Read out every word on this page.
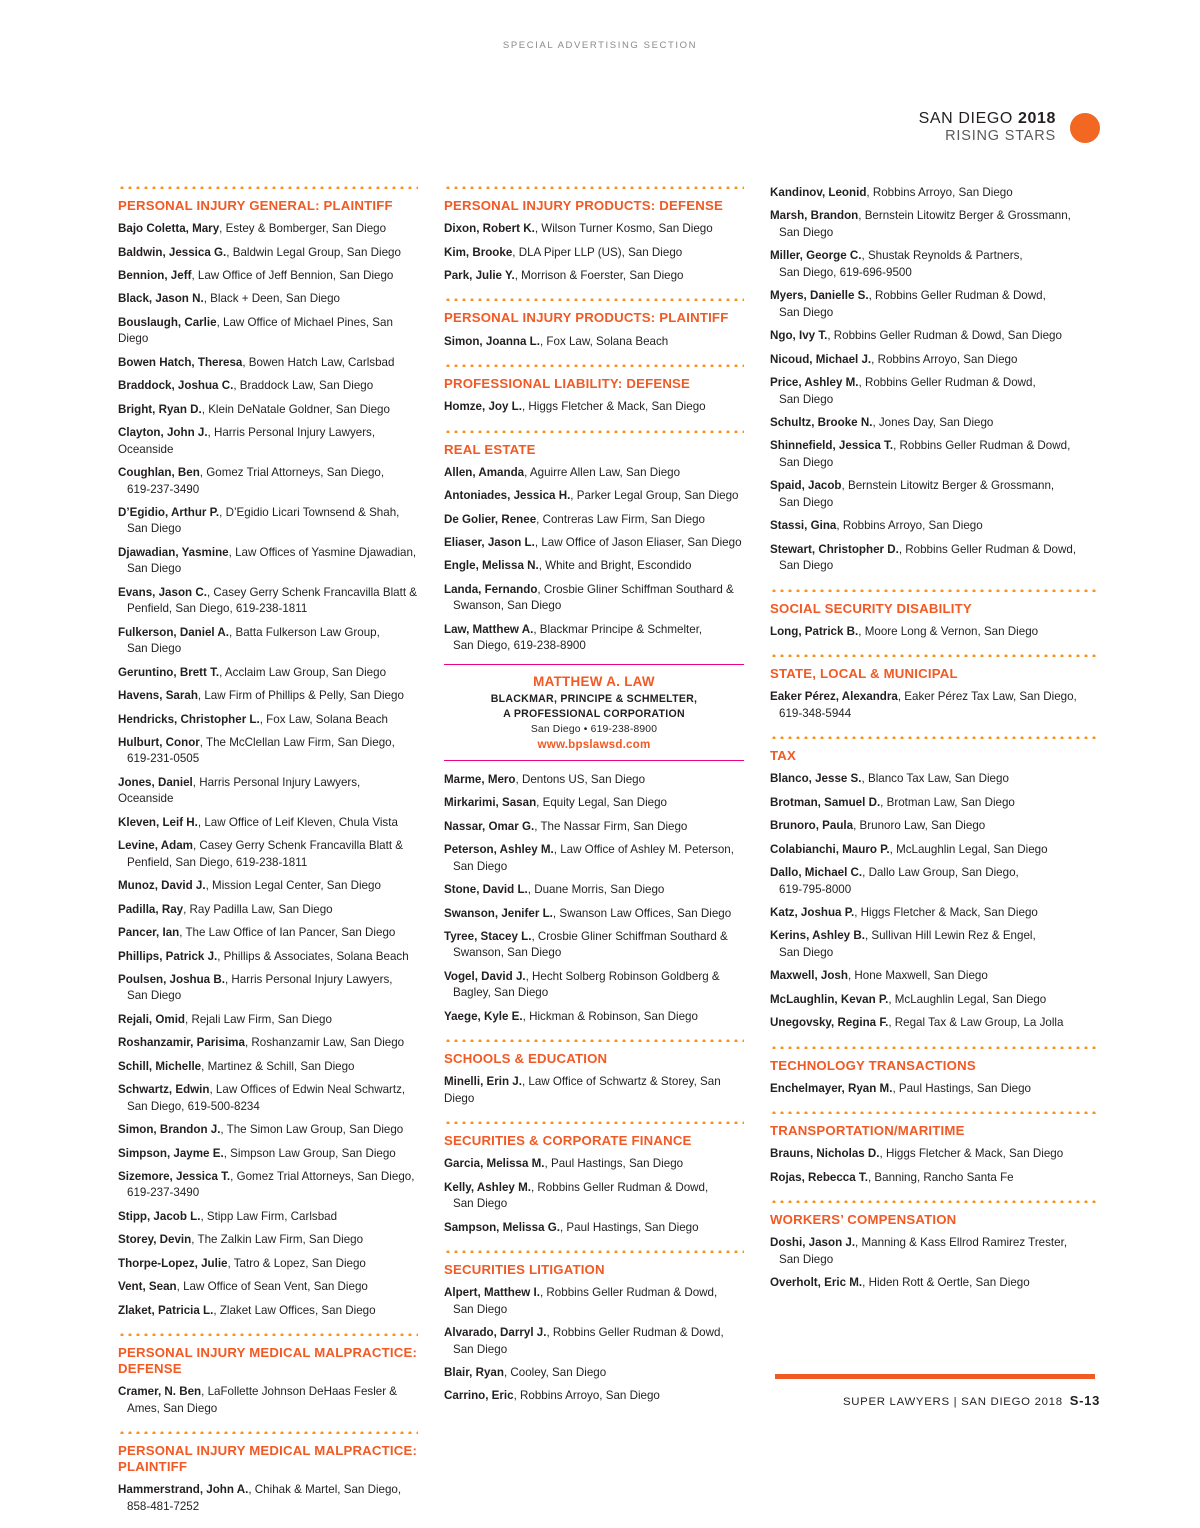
SPECIAL ADVERTISING SECTION
SAN DIEGO 2018
RISING STARS
PERSONAL INJURY GENERAL: PLAINTIFF
Bajo Coletta, Mary, Estey & Bomberger, San Diego
Baldwin, Jessica G., Baldwin Legal Group, San Diego
Bennion, Jeff, Law Office of Jeff Bennion, San Diego
Black, Jason N., Black + Deen, San Diego
Bouslaugh, Carlie, Law Office of Michael Pines, San Diego
Bowen Hatch, Theresa, Bowen Hatch Law, Carlsbad
Braddock, Joshua C., Braddock Law, San Diego
Bright, Ryan D., Klein DeNatale Goldner, San Diego
Clayton, John J., Harris Personal Injury Lawyers, Oceanside
Coughlan, Ben, Gomez Trial Attorneys, San Diego,
619-237-3490
D’Egidio, Arthur P., D’Egidio Licari Townsend & Shah,
San Diego
Djawadian, Yasmine, Law Offices of Yasmine Djawadian,
San Diego
Evans, Jason C., Casey Gerry Schenk Francavilla Blatt &
Penfield, San Diego, 619-238-1811
Fulkerson, Daniel A., Batta Fulkerson Law Group,
San Diego
Geruntino, Brett T., Acclaim Law Group, San Diego
Havens, Sarah, Law Firm of Phillips & Pelly, San Diego
Hendricks, Christopher L., Fox Law, Solana Beach
Hulburt, Conor, The McClellan Law Firm, San Diego,
619-231-0505
Jones, Daniel, Harris Personal Injury Lawyers, Oceanside
Kleven, Leif H., Law Office of Leif Kleven, Chula Vista
Levine, Adam, Casey Gerry Schenk Francavilla Blatt &
Penfield, San Diego, 619-238-1811
Munoz, David J., Mission Legal Center, San Diego
Padilla, Ray, Ray Padilla Law, San Diego
Pancer, Ian, The Law Office of Ian Pancer, San Diego
Phillips, Patrick J., Phillips & Associates, Solana Beach
Poulsen, Joshua B., Harris Personal Injury Lawyers,
San Diego
Rejali, Omid, Rejali Law Firm, San Diego
Roshanzamir, Parisima, Roshanzamir Law, San Diego
Schill, Michelle, Martinez & Schill, San Diego
Schwartz, Edwin, Law Offices of Edwin Neal Schwartz,
San Diego, 619-500-8234
Simon, Brandon J., The Simon Law Group, San Diego
Simpson, Jayme E., Simpson Law Group, San Diego
Sizemore, Jessica T., Gomez Trial Attorneys, San Diego,
619-237-3490
Stipp, Jacob L., Stipp Law Firm, Carlsbad
Storey, Devin, The Zalkin Law Firm, San Diego
Thorpe-Lopez, Julie, Tatro & Lopez, San Diego
Vent, Sean, Law Office of Sean Vent, San Diego
Zlaket, Patricia L., Zlaket Law Offices, San Diego
PERSONAL INJURY MEDICAL MALPRACTICE: DEFENSE
Cramer, N. Ben, LaFollette Johnson DeHaas Fesler &
Ames, San Diego
PERSONAL INJURY MEDICAL MALPRACTICE: PLAINTIFF
Hammerstrand, John A., Chihak & Martel, San Diego,
858-481-7252
PERSONAL INJURY PRODUCTS: DEFENSE
Dixon, Robert K., Wilson Turner Kosmo, San Diego
Kim, Brooke, DLA Piper LLP (US), San Diego
Park, Julie Y., Morrison & Foerster, San Diego
PERSONAL INJURY PRODUCTS: PLAINTIFF
Simon, Joanna L., Fox Law, Solana Beach
PROFESSIONAL LIABILITY: DEFENSE
Homze, Joy L., Higgs Fletcher & Mack, San Diego
REAL ESTATE
Allen, Amanda, Aguirre Allen Law, San Diego
Antoniades, Jessica H., Parker Legal Group, San Diego
De Golier, Renee, Contreras Law Firm, San Diego
Eliaser, Jason L., Law Office of Jason Eliaser, San Diego
Engle, Melissa N., White and Bright, Escondido
Landa, Fernando, Crosbie Gliner Schiffman Southard &
Swanson, San Diego
Law, Matthew A., Blackmar Principe & Schmelter,
San Diego, 619-238-8900
MATTHEW A. LAW
BLACKMAR, PRINCIPE & SCHMELTER,
A PROFESSIONAL CORPORATION
San Diego • 619-238-8900
www.bpslawsd.com
Marme, Mero, Dentons US, San Diego
Mirkarimi, Sasan, Equity Legal, San Diego
Nassar, Omar G., The Nassar Firm, San Diego
Peterson, Ashley M., Law Office of Ashley M. Peterson,
San Diego
Stone, David L., Duane Morris, San Diego
Swanson, Jenifer L., Swanson Law Offices, San Diego
Tyree, Stacey L., Crosbie Gliner Schiffman Southard &
Swanson, San Diego
Vogel, David J., Hecht Solberg Robinson Goldberg &
Bagley, San Diego
Yaege, Kyle E., Hickman & Robinson, San Diego
SCHOOLS & EDUCATION
Minelli, Erin J., Law Office of Schwartz & Storey, San Diego
SECURITIES & CORPORATE FINANCE
Garcia, Melissa M., Paul Hastings, San Diego
Kelly, Ashley M., Robbins Geller Rudman & Dowd,
San Diego
Sampson, Melissa G., Paul Hastings, San Diego
SECURITIES LITIGATION
Alpert, Matthew I., Robbins Geller Rudman & Dowd,
San Diego
Alvarado, Darryl J., Robbins Geller Rudman & Dowd,
San Diego
Blair, Ryan, Cooley, San Diego
Carrino, Eric, Robbins Arroyo, San Diego
Kandinov, Leonid, Robbins Arroyo, San Diego
Marsh, Brandon, Bernstein Litowitz Berger & Grossmann,
San Diego
Miller, George C., Shustak Reynolds & Partners,
San Diego, 619-696-9500
Myers, Danielle S., Robbins Geller Rudman & Dowd,
San Diego
Ngo, Ivy T., Robbins Geller Rudman & Dowd, San Diego
Nicoud, Michael J., Robbins Arroyo, San Diego
Price, Ashley M., Robbins Geller Rudman & Dowd,
San Diego
Schultz, Brooke N., Jones Day, San Diego
Shinnefield, Jessica T., Robbins Geller Rudman & Dowd,
San Diego
Spaid, Jacob, Bernstein Litowitz Berger & Grossmann,
San Diego
Stassi, Gina, Robbins Arroyo, San Diego
Stewart, Christopher D., Robbins Geller Rudman & Dowd,
San Diego
SOCIAL SECURITY DISABILITY
Long, Patrick B., Moore Long & Vernon, San Diego
STATE, LOCAL & MUNICIPAL
Eaker Pérez, Alexandra, Eaker Pérez Tax Law, San Diego,
619-348-5944
TAX
Blanco, Jesse S., Blanco Tax Law, San Diego
Brotman, Samuel D., Brotman Law, San Diego
Brunoro, Paula, Brunoro Law, San Diego
Colabianchi, Mauro P., McLaughlin Legal, San Diego
Dallo, Michael C., Dallo Law Group, San Diego,
619-795-8000
Katz, Joshua P., Higgs Fletcher & Mack, San Diego
Kerins, Ashley B., Sullivan Hill Lewin Rez & Engel,
San Diego
Maxwell, Josh, Hone Maxwell, San Diego
McLaughlin, Kevan P., McLaughlin Legal, San Diego
Unegovsky, Regina F., Regal Tax & Law Group, La Jolla
TECHNOLOGY TRANSACTIONS
Enchelmayer, Ryan M., Paul Hastings, San Diego
TRANSPORTATION/MARITIME
Brauns, Nicholas D., Higgs Fletcher & Mack, San Diego
Rojas, Rebecca T., Banning, Rancho Santa Fe
WORKERS’ COMPENSATION
Doshi, Jason J., Manning & Kass Ellrod Ramirez Trester,
San Diego
Overholt, Eric M., Hiden Rott & Oertle, San Diego
SUPER LAWYERS | SAN DIEGO 2018 S-13
